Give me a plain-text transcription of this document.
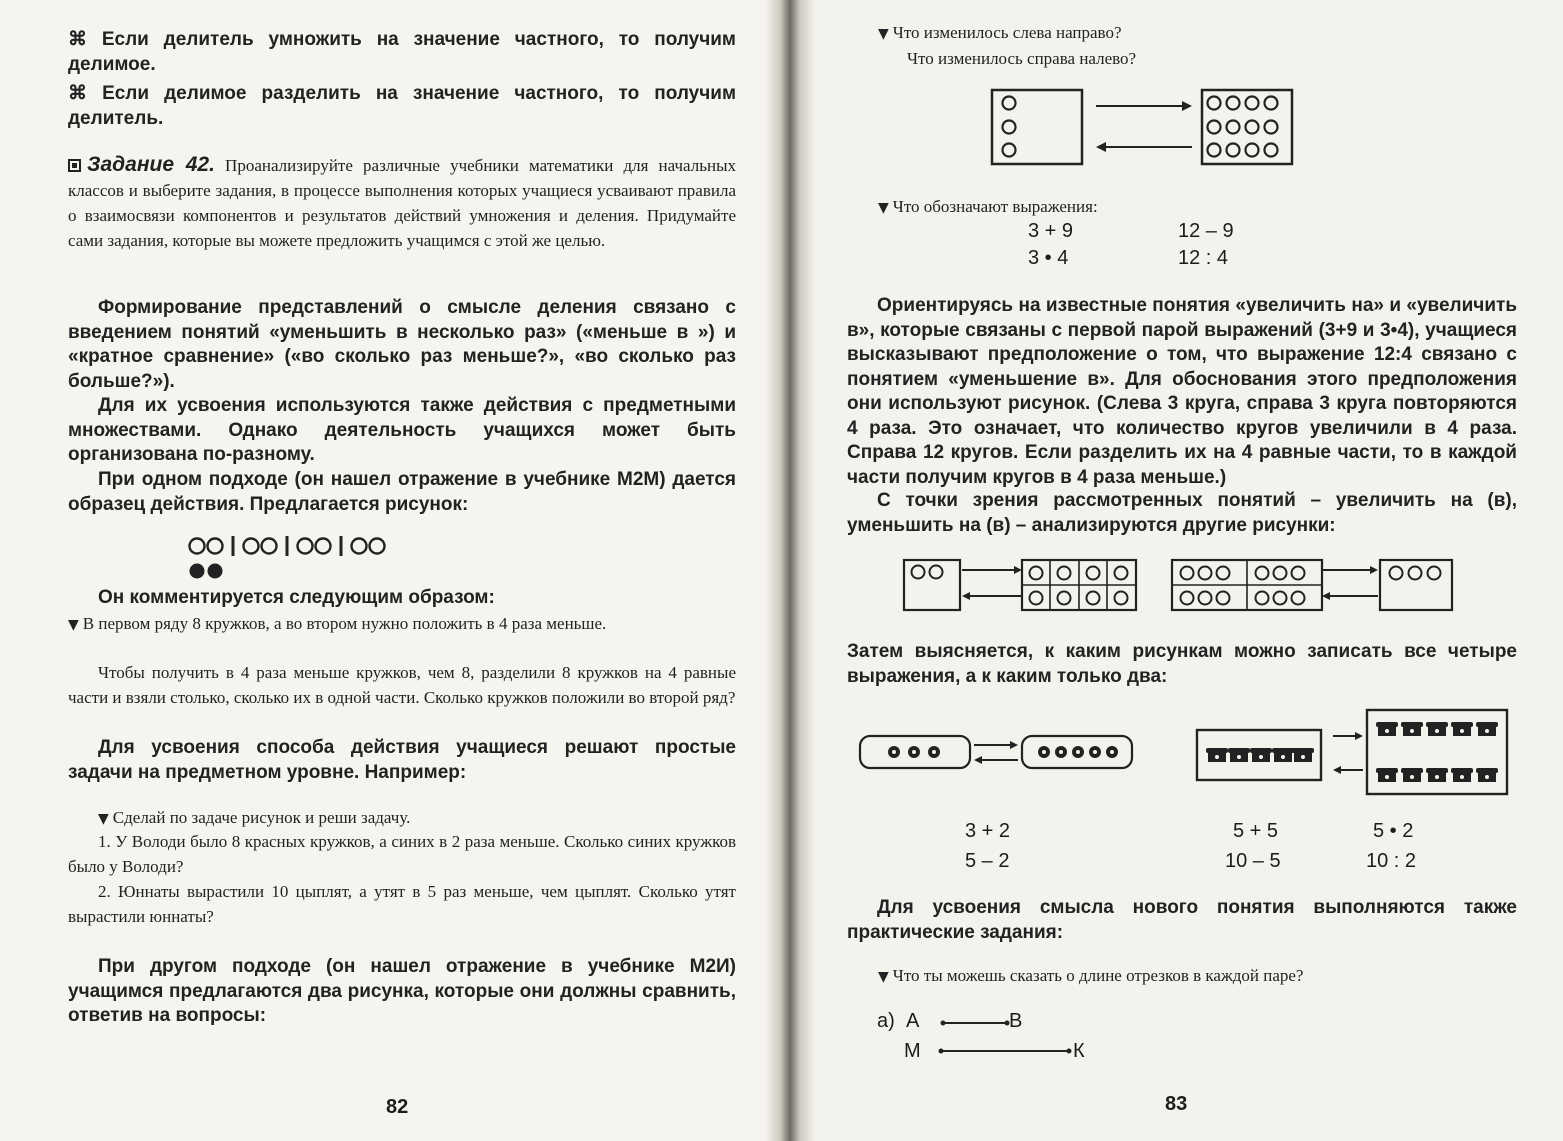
⌘ Если делитель умножить на значение частного, то получим делимое.
⌘ Если делимое разделить на значение частного, то получим делитель.
Задание 42. Проанализируйте различные учебники математики для начальных классов и выберите задания, в процессе выполнения которых учащиеся усваивают правила о взаимосвязи компонентов и результатов действий умножения и деления. Придумайте сами задания, которые вы можете предложить учащимся с этой же целью.
Формирование представлений о смысле деления связано с введением понятий «уменьшить в несколько раз» («меньше в ») и «кратное сравнение» («во сколько раз меньше?», «во сколько раз больше?»).
Для их усвоения используются также действия с предметными множествами. Однако деятельность учащихся может быть организована по-разному.
При одном подходе (он нашел отражение в учебнике М2М) дается образец действия. Предлагается рисунок:
Он комментируется следующим образом:
▼ В первом ряду 8 кружков, а во втором нужно положить в 4 раза меньше.
Чтобы получить в 4 раза меньше кружков, чем 8, разделили 8 кружков на 4 равные части и взяли столько, сколько их в одной части. Сколько кружков положили во второй ряд?
Для усвоения способа действия учащиеся решают простые задачи на предметном уровне. Например:
▼ Сделай по задаче рисунок и реши задачу.
1. У Володи было 8 красных кружков, а синих в 2 раза меньше. Сколько синих кружков было у Володи?
2. Юннаты вырастили 10 цыплят, а утят в 5 раз меньше, чем цыплят. Сколько утят вырастили юннаты?
При другом подходе (он нашел отражение в учебнике М2И) учащимся предлагаются два рисунка, которые они должны сравнить, ответив на вопросы:
82
▼ Что изменилось слева направо?
Что изменилось справа налево?
▼ Что обозначают выражения:
3 + 9
3 • 4
12 – 9
12 : 4
Ориентируясь на известные понятия «увеличить на» и «увеличить в», которые связаны с первой парой выражений (3+9 и 3•4), учащиеся высказывают предположение о том, что выражение 12:4 связано с понятием «уменьшение в». Для обоснования этого предположения они используют рисунок. (Слева 3 круга, справа 3 круга повторяются 4 раза. Это означает, что количество кругов увеличили в 4 раза. Справа 12 кругов. Если разделить их на 4 равные части, то в каждой части получим кругов в 4 раза меньше.)
С точки зрения рассмотренных понятий – увеличить на (в), уменьшить на (в) – анализируются другие рисунки:
Затем выясняется, к каким рисункам можно записать все четыре выражения, а к каким только два:
3 + 2
5 – 2
5 + 5
10 – 5
5 • 2
10 : 2
Для усвоения смысла нового понятия выполняются также практические задания:
▼ Что ты можешь сказать о длине отрезков в каждой паре?
а) А	В
М	К
83
